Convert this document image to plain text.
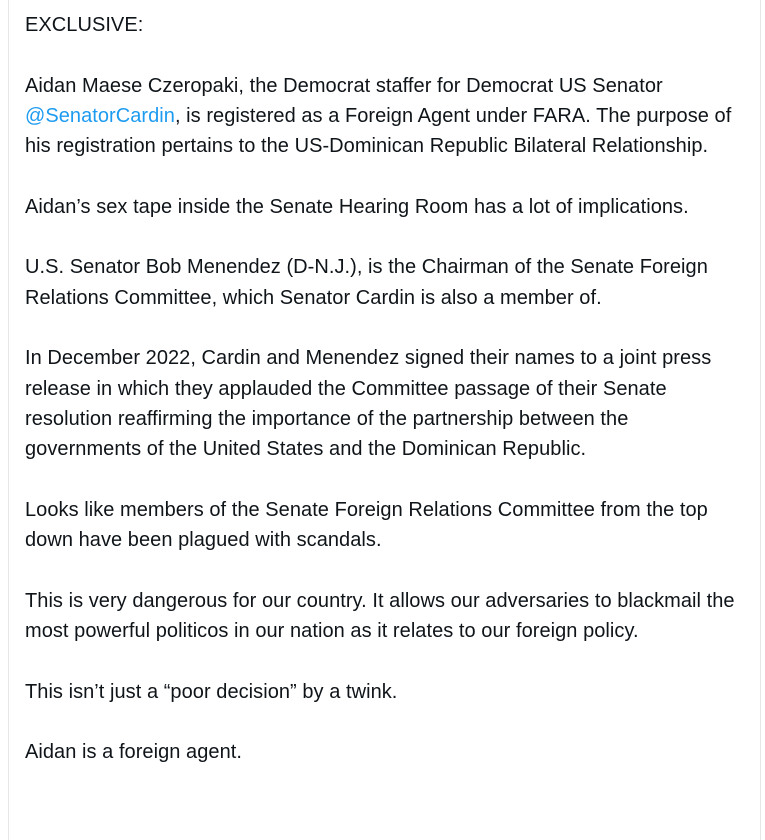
EXCLUSIVE:

Aidan Maese Czeropaki, the Democrat staffer for Democrat US Senator
@SenatorCardin, is registered as a Foreign Agent under FARA. The purpose of his registration pertains to the US-Dominican Republic Bilateral Relationship.

Aidan’s sex tape inside the Senate Hearing Room has a lot of implications.

U.S. Senator Bob Menendez (D-N.J.), is the Chairman of the Senate Foreign Relations Committee, which Senator Cardin is also a member of.

In December 2022, Cardin and Menendez signed their names to a joint press release in which they applauded the Committee passage of their Senate resolution reaffirming the importance of the partnership between the governments of the United States and the Dominican Republic.

Looks like members of the Senate Foreign Relations Committee from the top down have been plagued with scandals.

This is very dangerous for our country. It allows our adversaries to blackmail the most powerful politicos in our nation as it relates to our foreign policy.

This isn’t just a “poor decision” by a twink.

Aidan is a foreign agent.
